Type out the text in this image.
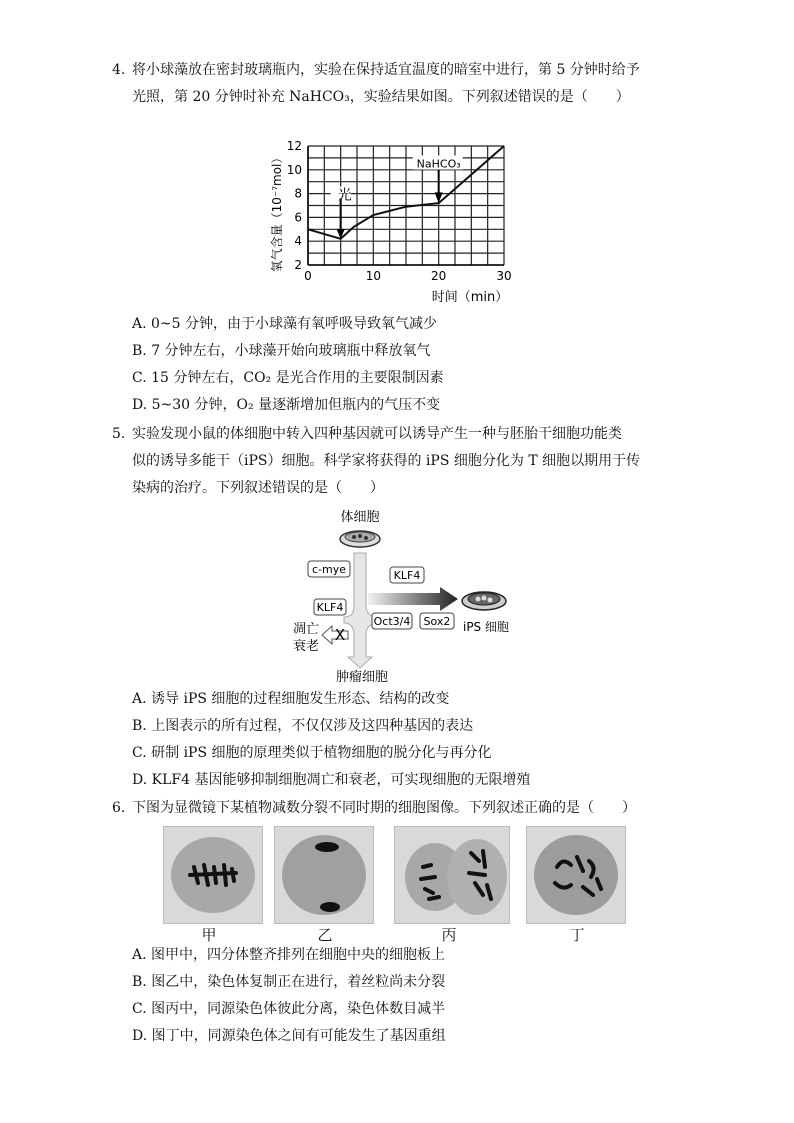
4. 将小球藻放在密封玻璃瓶内，实验在保持适宜温度的暗室中进行，第 5 分钟时给予
光照，第 20 分钟时补充 NaHCO₃，实验结果如图。下列叙述错误的是（　　）
0	10	20	30
2
4
6
8
10
12
光
NaHCO₃
氧气含量（10⁻⁷mol）
时间（min）
A. 0~5 分钟，由于小球藻有氧呼吸导致氧气减少
B. 7 分钟左右，小球藻开始向玻璃瓶中释放氧气
C. 15 分钟左右，CO₂ 是光合作用的主要限制因素
D. 5~30 分钟，O₂ 量逐渐增加但瓶内的气压不变
5. 实验发现小鼠的体细胞中转入四种基因就可以诱导产生一种与胚胎干细胞功能类
似的诱导多能干（iPS）细胞。科学家将获得的 iPS 细胞分化为 T 细胞以期用于传
染病的治疗。下列叙述错误的是（　　）
体细胞
c-mye	KLF4
KLF4
Oct3/4 Sox2 iPS 细胞
X
凋亡
衰老
肿瘤细胞
A. 诱导 iPS 细胞的过程细胞发生形态、结构的改变
B. 上图表示的所有过程，不仅仅涉及这四种基因的表达
C. 研制 iPS 细胞的原理类似于植物细胞的脱分化与再分化
D. KLF4 基因能够抑制细胞凋亡和衰老，可实现细胞的无限增殖
6. 下图为显微镜下某植物减数分裂不同时期的细胞图像。下列叙述正确的是（　　）
甲	乙	丙	丁
A. 图甲中，四分体整齐排列在细胞中央的细胞板上
B. 图乙中，染色体复制正在进行，着丝粒尚未分裂
C. 图丙中，同源染色体彼此分离，染色体数目减半
D. 图丁中，同源染色体之间有可能发生了基因重组
